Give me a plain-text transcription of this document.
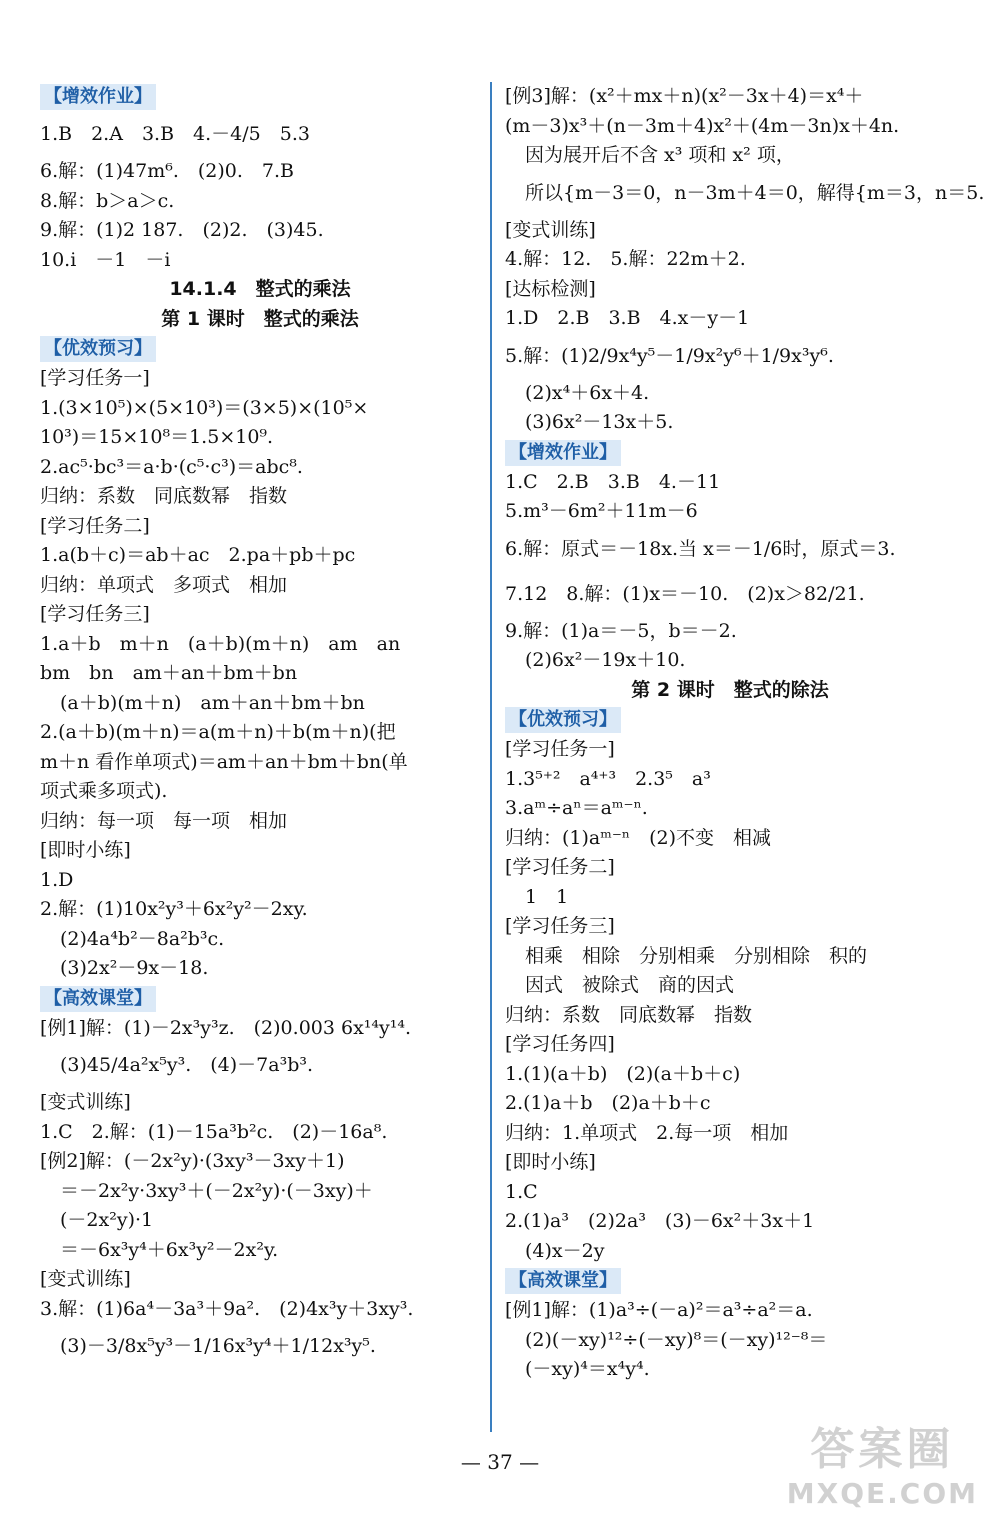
【增效作业】
1.B　2.A　3.B　4.－4/5　5.3
6.解：(1)47m⁶.　(2)0.　7.B
8.解：b＞a＞c.
9.解：(1)2 187.　(2)2.　(3)45.
10.i　－1　－i
14.1.4　整式的乘法
第 1 课时　整式的乘法
【优效预习】
[学习任务一]
1.(3×10⁵)×(5×10³)＝(3×5)×(10⁵×
10³)＝15×10⁸＝1.5×10⁹.
2.ac⁵·bc³＝a·b·(c⁵·c³)＝abc⁸.
归纳：系数　同底数幂　指数
[学习任务二]
1.a(b＋c)＝ab＋ac　2.pa＋pb＋pc
归纳：单项式　多项式　相加
[学习任务三]
1.a＋b　m＋n　(a＋b)(m＋n)　am　an
bm　bn　am＋an＋bm＋bn
(a＋b)(m＋n)　am＋an＋bm＋bn
2.(a＋b)(m＋n)＝a(m＋n)＋b(m＋n)(把
m＋n 看作单项式)＝am＋an＋bm＋bn(单
项式乘多项式).
归纳：每一项　每一项　相加
[即时小练]
1.D
2.解：(1)10x²y³＋6x²y²－2xy.
(2)4a⁴b²－8a²b³c.
(3)2x²－9x－18.
【高效课堂】
[例1]解：(1)－2x³y³z.　(2)0.003 6x¹⁴y¹⁴.
(3)45/4a²x⁵y³.　(4)－7a³b³.
[变式训练]
1.C　2.解：(1)－15a³b²c.　(2)－16a⁸.
[例2]解：(－2x²y)·(3xy³－3xy＋1)
＝－2x²y·3xy³＋(－2x²y)·(－3xy)＋
(－2x²y)·1
＝－6x³y⁴＋6x³y²－2x²y.
[变式训练]
3.解：(1)6a⁴－3a³＋9a².　(2)4x³y＋3xy³.
(3)－3/8x⁵y³－1/16x³y⁴＋1/12x³y⁵.
[例3]解：(x²＋mx＋n)(x²－3x＋4)＝x⁴＋
(m－3)x³＋(n－3m＋4)x²＋(4m－3n)x＋4n.
因为展开后不含 x³ 项和 x² 项，
所以{m－3＝0，n－3m＋4＝0，解得{m＝3，n＝5.
[变式训练]
4.解：12.　5.解：22m＋2.
[达标检测]
1.D　2.B　3.B　4.x－y－1
5.解：(1)2/9x⁴y⁵－1/9x²y⁶＋1/9x³y⁶.
(2)x⁴＋6x＋4.
(3)6x²－13x＋5.
【增效作业】
1.C　2.B　3.B　4.－11
5.m³－6m²＋11m－6
6.解：原式＝－18x.当 x＝－1/6时，原式＝3.
7.12　8.解：(1)x＝－10.　(2)x＞82/21.
9.解：(1)a＝－5，b＝－2.
(2)6x²－19x＋10.
第 2 课时　整式的除法
【优效预习】
[学习任务一]
1.3⁵⁺²　a⁴⁺³　2.3⁵　a³
3.aᵐ÷aⁿ＝aᵐ⁻ⁿ.
归纳：(1)aᵐ⁻ⁿ　(2)不变　相减
[学习任务二]
1　1
[学习任务三]
相乘　相除　分别相乘　分别相除　积的
因式　被除式　商的因式
归纳：系数　同底数幂　指数
[学习任务四]
1.(1)(a＋b)　(2)(a＋b＋c)
2.(1)a＋b　(2)a＋b＋c
归纳：1.单项式　2.每一项　相加
[即时小练]
1.C
2.(1)a³　(2)2a³　(3)－6x²＋3x＋1
(4)x－2y
【高效课堂】
[例1]解：(1)a³÷(－a)²＝a³÷a²＝a.
(2)(－xy)¹²÷(－xy)⁸＝(－xy)¹²⁻⁸＝
(－xy)⁴＝x⁴y⁴.
— 37 —	答案圈
MXQE.COM
